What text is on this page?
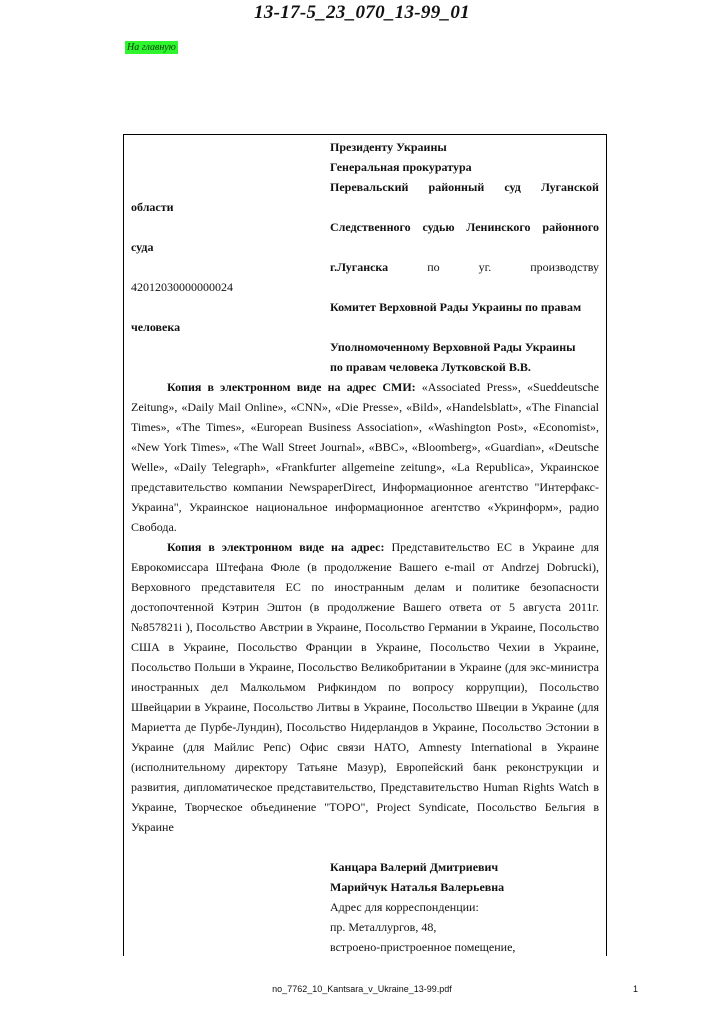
13-17-5_23_070_13-99_01
На главную
Президенту Украины
Генеральная прокуратура
Перевальский районный суд Луганской
области
Следственного судью Ленинского районного
суда
г.Луганска	по	уг.	производству
42012030000000024
Комитет Верховной Рады Украины по правам
человека
Уполномоченному Верховной Рады Украины
по правам человека Лутковской В.В.
Копия в электронном виде на адрес СМИ: «Associated Press», «Sueddeutsche Zeitung», «Daily Mail Online», «CNN», «Die Presse», «Bild», «Handelsblatt», «The Financial Times», «The Times», «European Business Association», «Washington Post», «Economist», «New York Times», «The Wall Street Journal», «BBC», «Bloomberg», «Guardian», «Deutsche Welle», «Daily Telegraph», «Frankfurter allgemeine zeitung», «La Republica», Украинское представительство компании NewspaperDirect, Информационное агентство "Интерфакс-Украина", Украинское национальное информационное агентство «Укринформ», радио Свобода.
Копия в электронном виде на адрес: Представительство ЕС в Украине для Еврокомиссара Штефана Фюле (в продолжение Вашего e-mail от Andrzej Dobrucki), Верховного представителя ЕС по иностранным делам и политике безопасности достопочтенной Кэтрин Эштон (в продолжение Вашего ответа от 5 августа 2011г. №857821і ), Посольство Австрии в Украине, Посольство Германии в Украине, Посольство США в Украине, Посольство Франции в Украине, Посольство Чехии в Украине, Посольство Польши в Украине, Посольство Великобритании в Украине (для экс-министра иностранных дел Малкольмом Рифкиндом по вопросу коррупции), Посольство Швейцарии в Украине, Посольство Литвы в Украине, Посольство Швеции в Украине (для Мариетта де Пурбе-Лундин), Посольство Нидерландов в Украине, Посольство Эстонии в Украине (для Майлис Репс) Офис связи НАТО, Amnesty International в Украине (исполнительному директору Татьяне Мазур), Европейский банк реконструкции и развития, дипломатическое представительство, Представительство Human Rights Watch в Украине, Творческое объединение "ТОРО", Project Syndicate, Посольство Бельгия в Украине
Канцара Валерий Дмитриевич
Марийчук Наталья Валерьевна
Адрес для корреспонденции:
пр. Металлургов, 48,
встроено-пристроенное помещение,
no_7762_10_Kantsara_v_Ukraine_13-99.pdf	1
